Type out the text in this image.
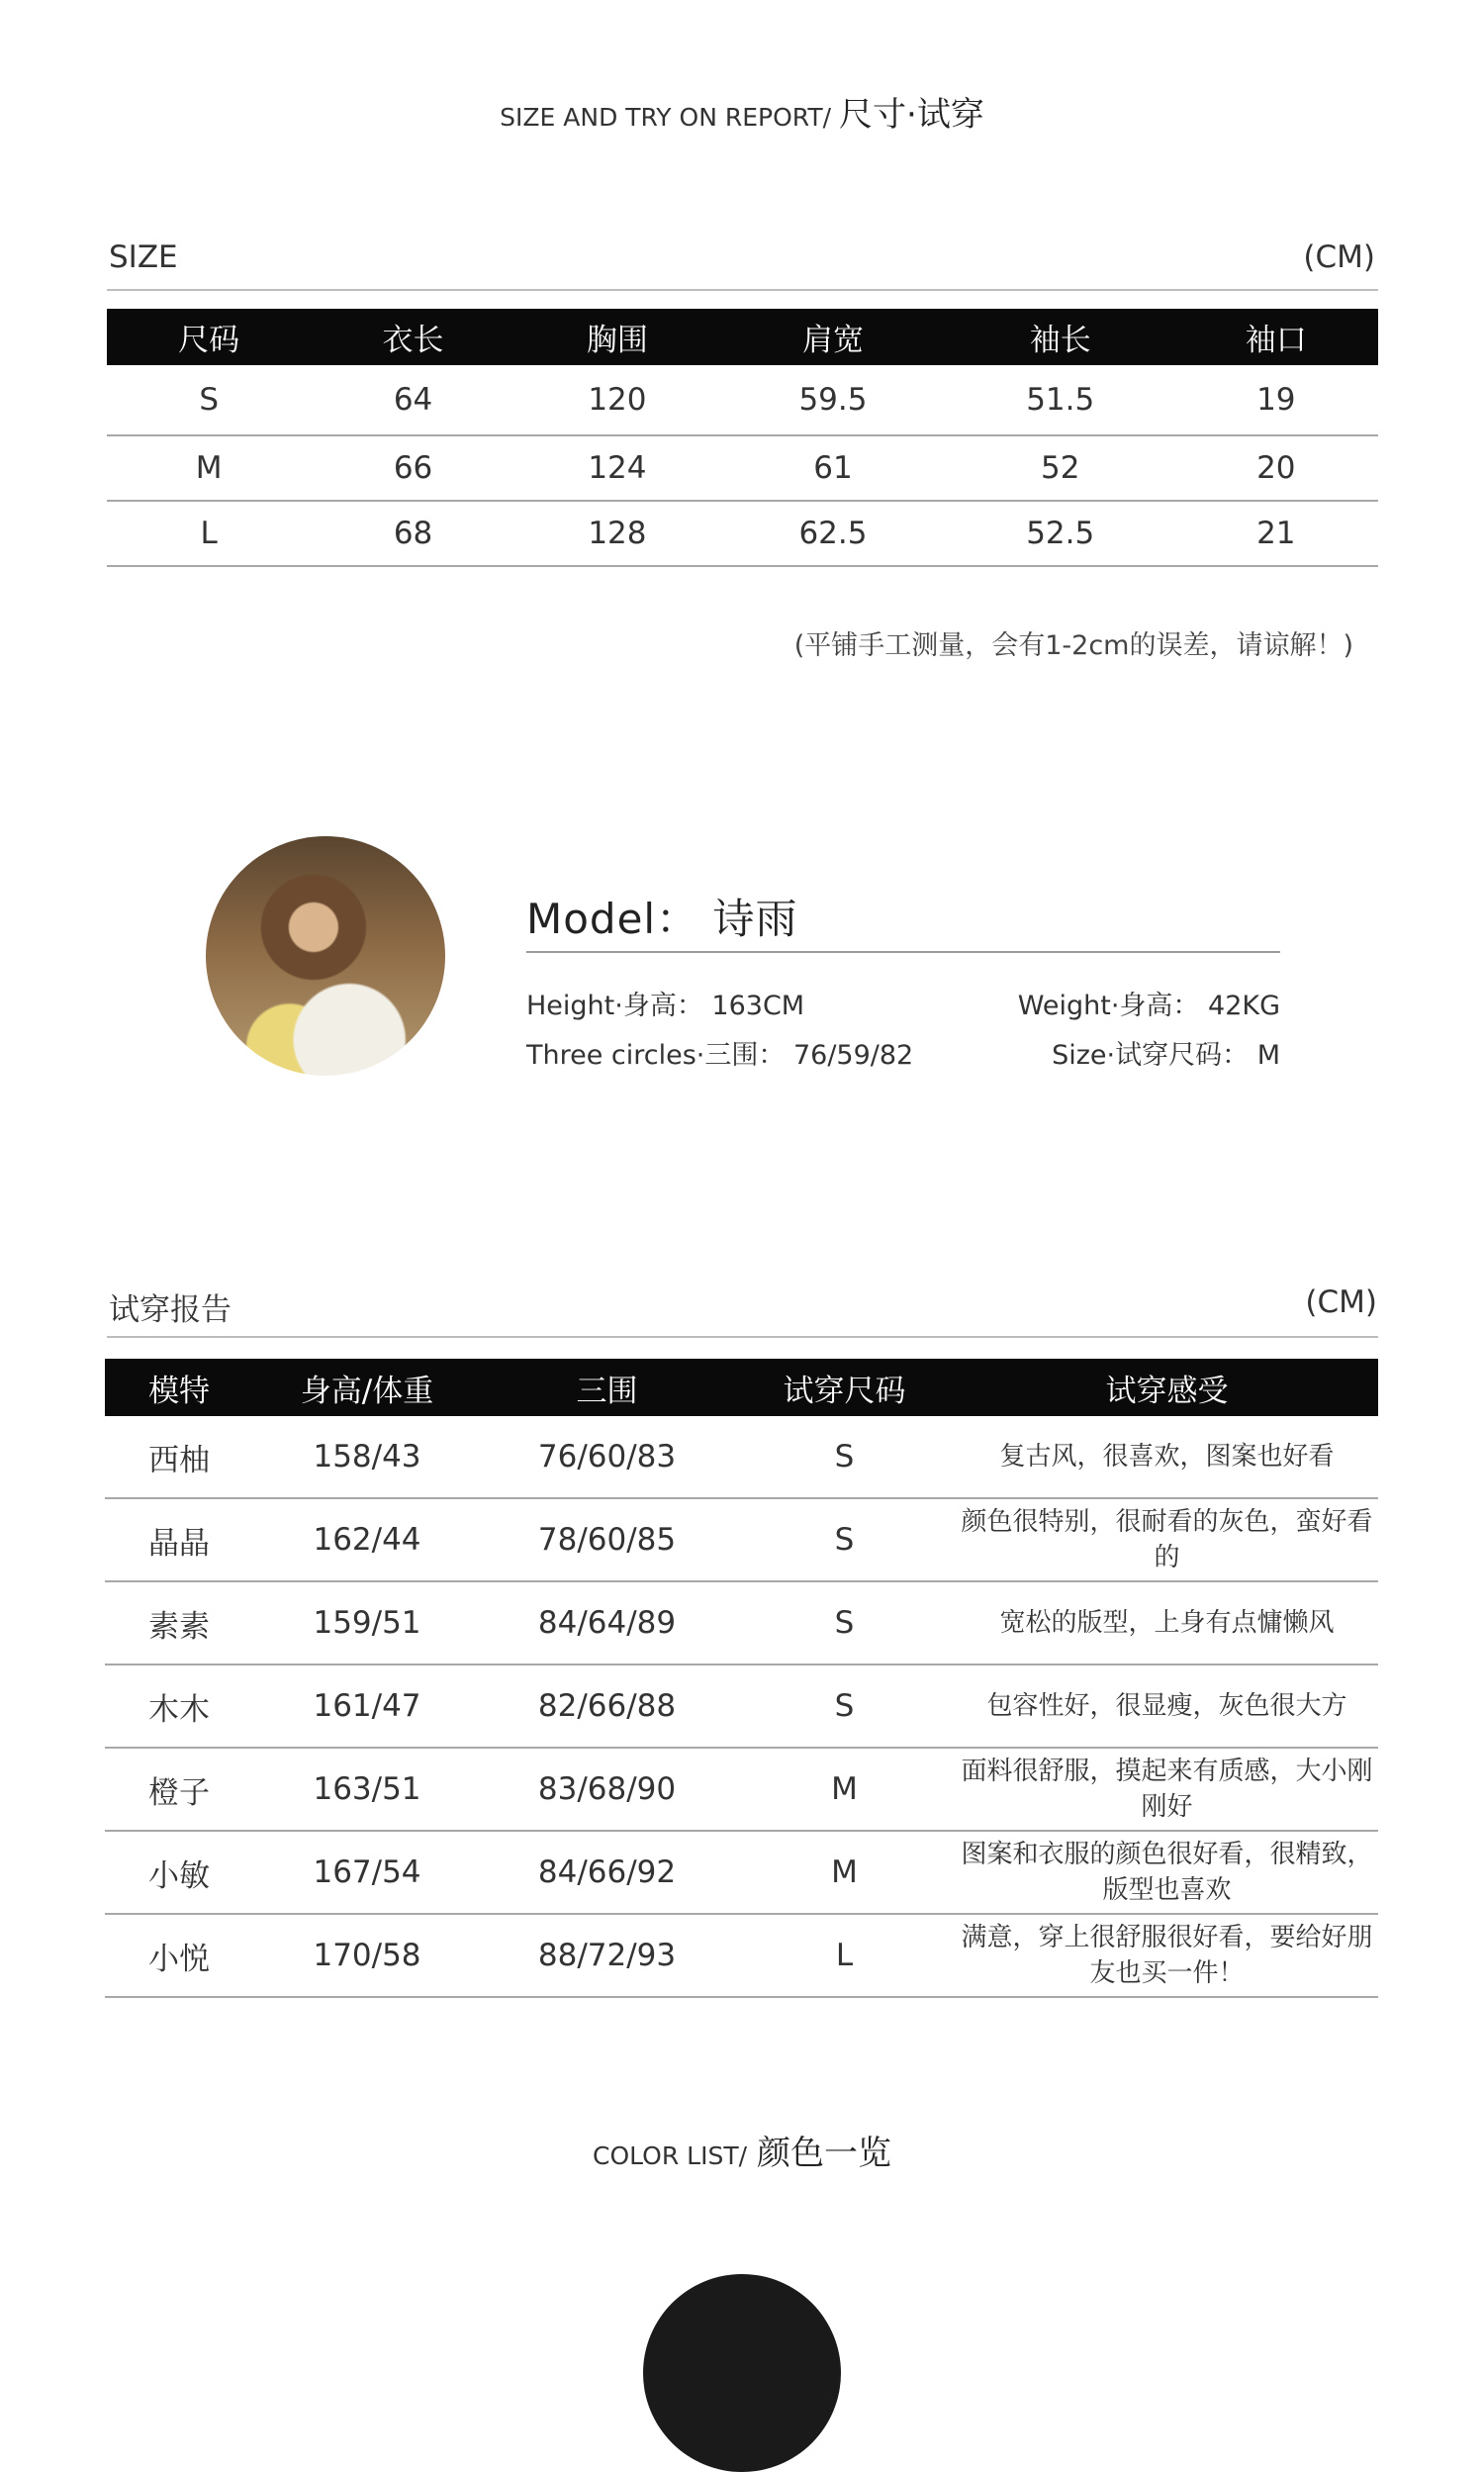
SIZE AND TRY ON REPORT/ 尺寸·试穿
SIZE	(CM)
尺码	衣长	胸围	肩宽	袖长	袖口
S	64	120	59.5	51.5	19
M	66	124	61	52	20
L	68	128	62.5	52.5	21
(平铺手工测量，会有1-2cm的误差，请谅解！)
Model： 诗雨
Height·身高： 163CM	Weight·身高： 42KG
Three circles·三围： 76/59/82	Size·试穿尺码： M
试穿报告	(CM)
模特	身高/体重	三围	试穿尺码	试穿感受
西柚	158/43	76/60/83	S	复古风，很喜欢，图案也好看
晶晶	162/44	78/60/85	S	颜色很特别，很耐看的灰色，蛮好看的
素素	159/51	84/64/89	S	宽松的版型，上身有点慵懒风
木木	161/47	82/66/88	S	包容性好，很显瘦，灰色很大方
橙子	163/51	83/68/90	M	面料很舒服，摸起来有质感，大小刚刚好
小敏	167/54	84/66/92	M	图案和衣服的颜色很好看，很精致，版型也喜欢
小悦	170/58	88/72/93	L	满意，穿上很舒服很好看，要给好朋友也买一件！
COLOR LIST/ 颜色一览
